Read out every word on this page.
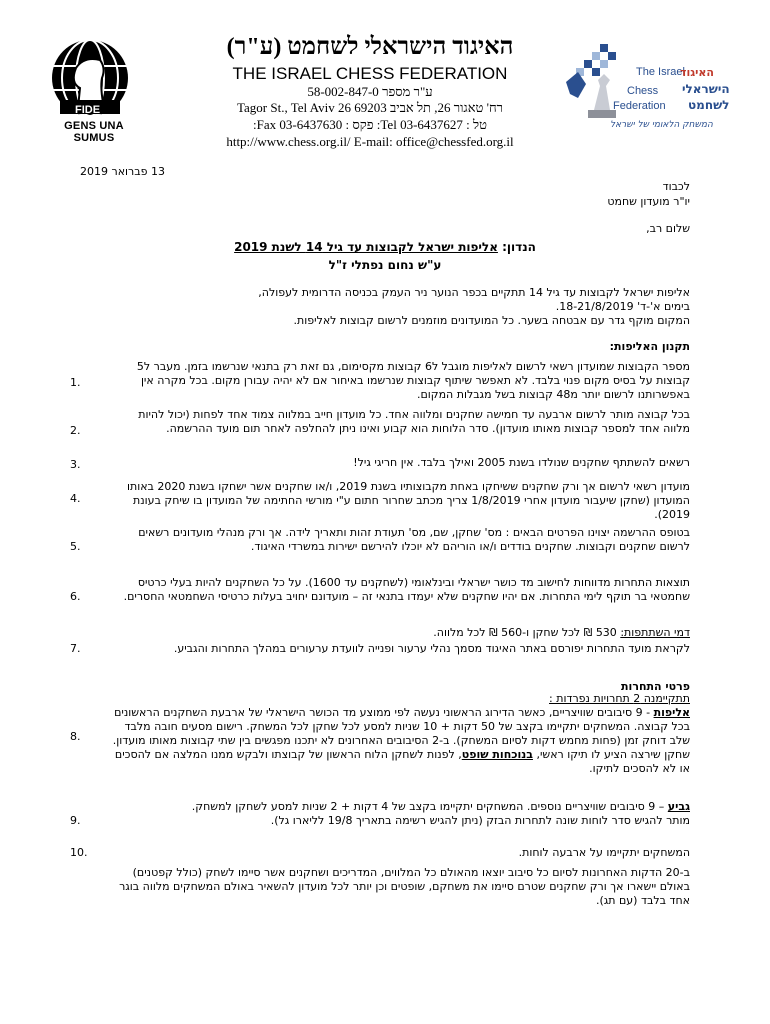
FIDE
GENS UNA SUMUS
האיגוד הישראלי לשחמט (ע"ר)
THE ISRAEL CHESS FEDERATION
ע"ר מספר 58-002-847-0
רח' טאגור 26, תל אביב 69203 26 Tagor St., Tel Aviv
טל : 03-6437627 Tel: פקס : 03-6437630 Fax:
http://www.chess.org.il/ E-mail: office@chessfed.org.il
The Israel
Chess
Federation
האיגוד
הישראלי
לשחמט
המשחק הלאומי של ישראל
13 פברואר 2019
לכבוד
יו"ר מועדון שחמט
שלום רב,
הנדון: אליפות ישראל לקבוצות עד גיל 14 לשנת 2019
ע"ש נחום נפתלי ז"ל
אליפות ישראל לקבוצות עד גיל 14 תתקיים בכפר הנוער ניר העמק בכניסה הדרומית לעפולה,
בימים א'-ד' 18-21/8/2019.
המקום מוקף גדר עם אבטחה בשער. כל המועדונים מוזמנים לרשום קבוצות לאליפות.
תקנון האליפות:
1.
מספר הקבוצות שמועדון רשאי לרשום לאליפות מוגבל ל6 קבוצות מקסימום, גם זאת רק בתנאי שנרשמו בזמן. מעבר ל5 קבוצות על בסיס מקום פנוי בלבד. לא תאפשר שיתוף קבוצות שנרשמו באיחור אם לא יהיה עבורן מקום. בכל מקרה אין באפשרותנו לרשום יותר מ48 קבוצות בשל מגבלות המקום.
2.
בכל קבוצה מותר לרשום ארבעה עד חמישה שחקנים ומלווה אחד. כל מועדון חייב במלווה צמוד אחד לפחות (יכול להיות מלווה אחד למספר קבוצות מאותו מועדון). סדר הלוחות הוא קבוע ואינו ניתן להחלפה לאחר תום מועד ההרשמה.
3.	רשאים להשתתף שחקנים שנולדו בשנת 2005 ואילך בלבד. אין חריגי גיל!
4.
מועדון רשאי לרשום אך ורק שחקנים ששיחקו באחת מקבוצותיו בשנת 2019, ו/או שחקנים אשר ישחקו בשנת 2020 באותו המועדון (שחקן שיעבור מועדון אחרי 1/8/2019 צריך מכתב שחרור חתום ע"י מורשי החתימה של המועדון בו שיחק בעונת 2019).
5.
בטופס ההרשמה יצוינו הפרטים הבאים : מס' שחקן, שם, מס' תעודת זהות ותאריך לידה. אך ורק מנהלי מועדונים רשאים לרשום שחקנים וקבוצות. שחקנים בודדים ו/או הוריהם לא יוכלו להירשם ישירות במשרדי האיגוד.
6.
תוצאות התחרות מדווחות לחישוב מד כושר ישראלי ובינלאומי (לשחקנים עד 1600). על כל השחקנים להיות בעלי כרטיס שחמטאי בר תוקף לימי התחרות. אם יהיו שחקנים שלא יעמדו בתנאי זה – מועדונם יחויב בעלות כרטיסי השחמטאי החסרים.
דמי השתתפות: 530 ₪ לכל שחקן ו-560 ₪ לכל מלווה.
7.	לקראת מועד התחרות יפורסם באתר האיגוד מסמך נהלי ערעור ופנייה לוועדת ערעורים במהלך התחרות והגביע.
פרטי התחרות
תתקיימנה 2 תחרויות נפרדות :
8.
אליפות - 9 סיבובים שוויצריים, כאשר הדירוג הראשוני נעשה לפי ממוצע מד הכושר הישראלי של ארבעת השחקנים הראשונים בכל קבוצה. המשחקים יתקיימו בקצב של 50 דקות + 10 שניות למסע לכל שחקן לכל המשחק. רישום מסעים חובה מלבד שלב דוחק זמן (פחות מחמש דקות לסיום המשחק). ב-2 הסיבובים האחרונים לא יתכנו מפגשים בין שתי קבוצות מאותו מועדון.
שחקן שירצה הציע לו תיקו ראשי, בנוכחות שופט, לפנות לשחקן הלוח הראשון של קבוצתו ולבקש ממנו המלצה אם להסכים או לא להסכים לתיקו.
9.
גביע – 9 סיבובים שוויצריים נוספים. המשחקים יתקיימו בקצב של 4 דקות + 2 שניות למסע לשחקן למשחק.
מותר להגיש סדר לוחות שונה לתחרות הבזק (ניתן להגיש רשימה בתאריך 19/8 לליארו גל).
10.	המשחקים יתקיימו על ארבעה לוחות.
ב-20 הדקות האחרונות לסיום כל סיבוב יוצאו מהאולם כל המלווים, המדריכים ושחקנים אשר סיימו לשחק (כולל קפטנים) באולם יישארו אך ורק שחקנים שטרם סיימו את משחקם, שופטים וכן יותר לכל מועדון להשאיר באולם המשחקים מלווה בוגר אחד בלבד (עם תג).
